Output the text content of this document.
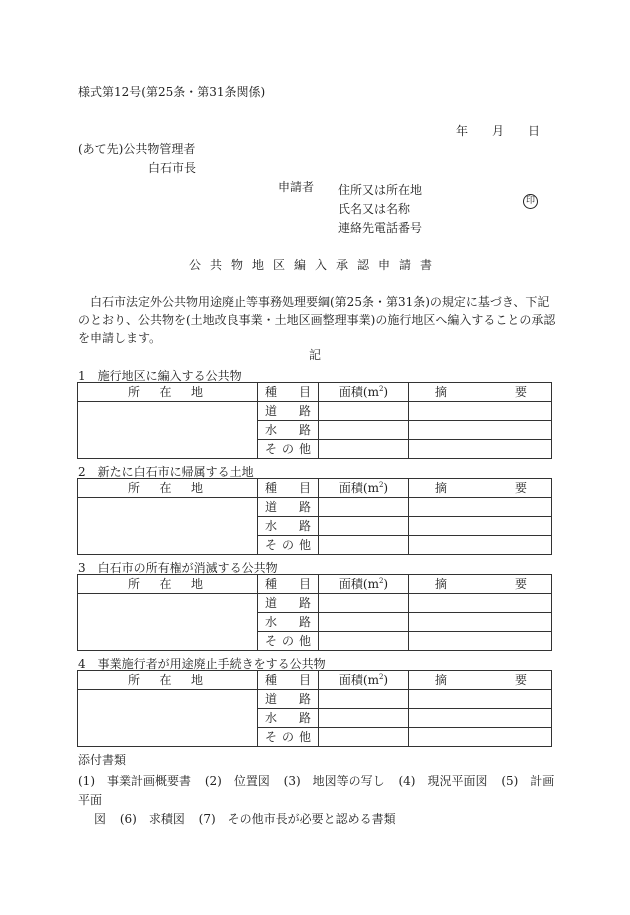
様式第12号(第25条・第31条関係)
年 月 日
(あて先)公共物管理者
白石市長
申請者 住所又は所在地
氏名又は名称
連絡先電話番号
印
公共物地区編入承認申請書
白石市法定外公共物用途廃止等事務処理要綱(第25条・第31条)の規定に基づき、下記のとおり、公共物を(土地改良事業・土地区画整理事業)の施行地区へ編入することの承認を申請します。
記
1　施行地区に編入する公共物
所 在 地	種 目	面積$(m^2)$	摘 要

	道 路		

	水 路		

	そ の 他		

2　新たに白石市に帰属する土地
所 在 地	種 目	面積$(m^2)$	摘 要

	道 路		

	水 路		

	そ の 他		

3　白石市の所有権が消滅する公共物
所 在 地	種 目	面積$(m^2)$	摘 要

	道 路		

	水 路		

	そ の 他		

4　事業施行者が用途廃止手続きをする公共物
所 在 地	種 目	面積$(m^2)$	摘 要

	道 路		

	水 路		

	そ の 他		

添付書類
(1)　事業計画概要書 (2)　位置図 (3)　地図等の写し (4)　現況平面図 (5)　計画平面
図 (6)　求積図 (7)　その他市長が必要と認める書類
